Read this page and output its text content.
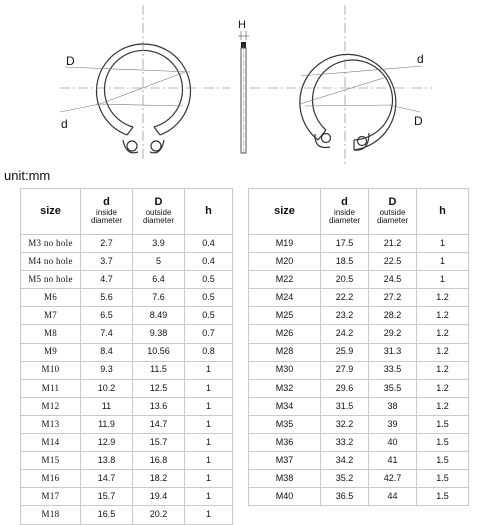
D
d
H
d
D
unit:mm
size	d
inside
diameter	D
outside
diameter	h
M3 no hole	2.7	3.9	0.4
M4 no hole	3.7	5	0.4
M5 no hole	4.7	6.4	0.5
M6	5.6	7.6	0.5
M7	6.5	8.49	0.5
M8	7.4	9.38	0.7
M9	8.4	10.56	0.8
M10	9.3	11.5	1
M11	10.2	12.5	1
M12	11	13.6	1
M13	11.9	14.7	1
M14	12.9	15.7	1
M15	13.8	16.8	1
M16	14.7	18.2	1
M17	15.7	19.4	1
M18	16.5	20.2	1
size	d
inside
diameter	D
outside
diameter	h
M19	17.5	21.2	1
M20	18.5	22.5	1
M22	20.5	24.5	1
M24	22.2	27.2	1.2
M25	23.2	28.2	1.2
M26	24.2	29.2	1.2
M28	25.9	31.3	1.2
M30	27.9	33.5	1.2
M32	29.6	35.5	1.2
M34	31.5	38	1.2
M35	32.2	39	1.5
M36	33.2	40	1.5
M37	34.2	41	1.5
M38	35.2	42.7	1.5
M40	36.5	44	1.5
